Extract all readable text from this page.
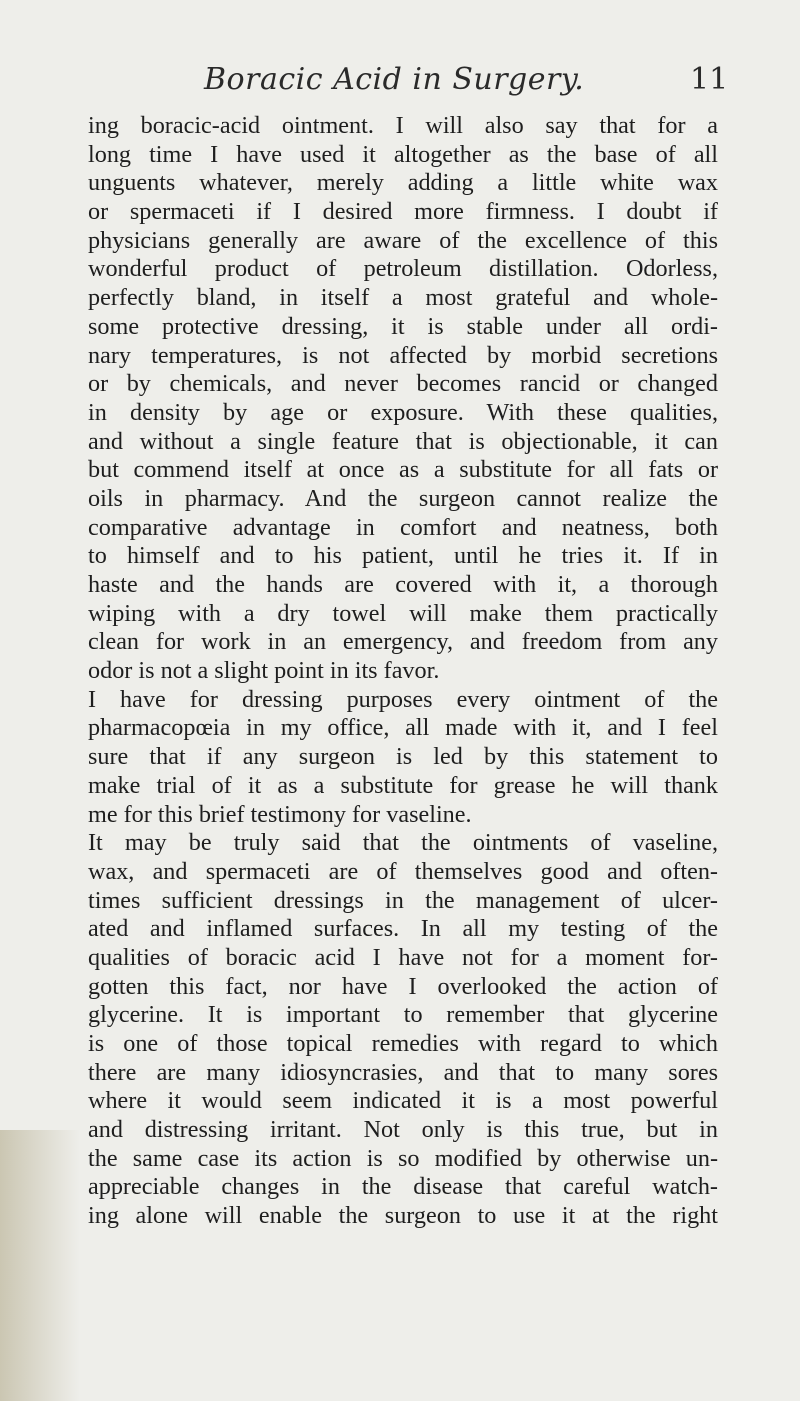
Boracic Acid in Surgery.	11
ing boracic-acid ointment. I will also say that for a
long time I have used it altogether as the base of all
unguents whatever, merely adding a little white wax
or spermaceti if I desired more firmness. I doubt if
physicians generally are aware of the excellence of this
wonderful product of petroleum distillation. Odorless,
perfectly bland, in itself a most grateful and whole-
some protective dressing, it is stable under all ordi-
nary temperatures, is not affected by morbid secretions
or by chemicals, and never becomes rancid or changed
in density by age or exposure. With these qualities,
and without a single feature that is objectionable, it can
but commend itself at once as a substitute for all fats or
oils in pharmacy. And the surgeon cannot realize the
comparative advantage in comfort and neatness, both
to himself and to his patient, until he tries it. If in
haste and the hands are covered with it, a thorough
wiping with a dry towel will make them practically
clean for work in an emergency, and freedom from any
odor is not a slight point in its favor.
I have for dressing purposes every ointment of the
pharmacopœia in my office, all made with it, and I feel
sure that if any surgeon is led by this statement to
make trial of it as a substitute for grease he will thank
me for this brief testimony for vaseline.
It may be truly said that the ointments of vaseline,
wax, and spermaceti are of themselves good and often-
times sufficient dressings in the management of ulcer-
ated and inflamed surfaces. In all my testing of the
qualities of boracic acid I have not for a moment for-
gotten this fact, nor have I overlooked the action of
glycerine. It is important to remember that glycerine
is one of those topical remedies with regard to which
there are many idiosyncrasies, and that to many sores
where it would seem indicated it is a most powerful
and distressing irritant. Not only is this true, but in
the same case its action is so modified by otherwise un-
appreciable changes in the disease that careful watch-
ing alone will enable the surgeon to use it at the right
